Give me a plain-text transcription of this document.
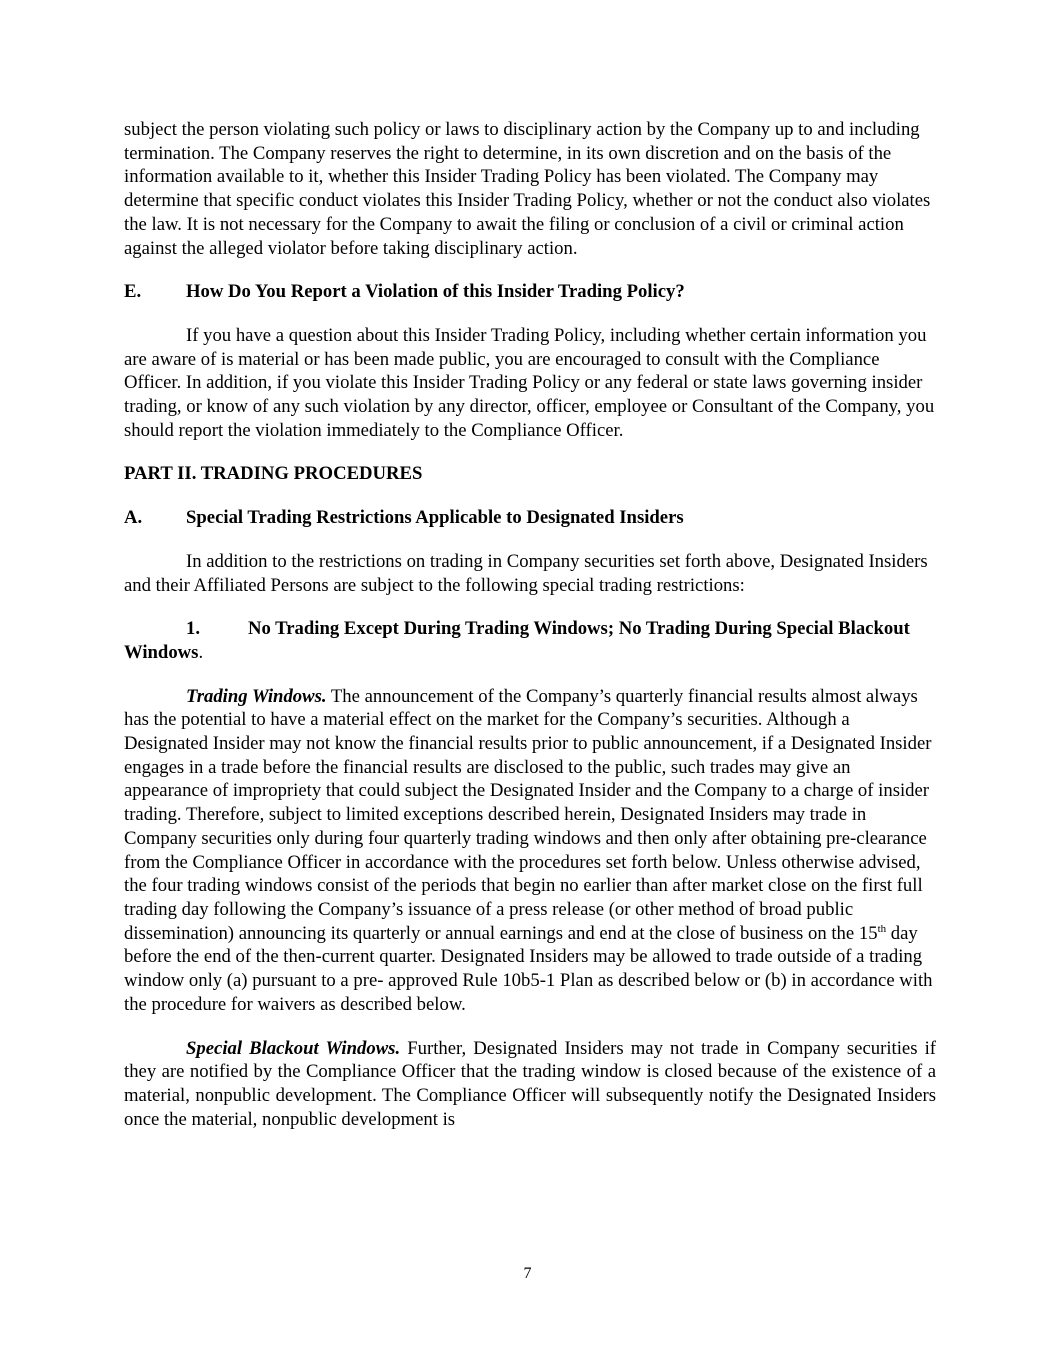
subject the person violating such policy or laws to disciplinary action by the Company up to and including termination. The Company reserves the right to determine, in its own discretion and on the basis of the information available to it, whether this Insider Trading Policy has been violated. The Company may determine that specific conduct violates this Insider Trading Policy, whether or not the conduct also violates the law. It is not necessary for the Company to await the filing or conclusion of a civil or criminal action against the alleged violator before taking disciplinary action.

E. How Do You Report a Violation of this Insider Trading Policy?

If you have a question about this Insider Trading Policy, including whether certain information you are aware of is material or has been made public, you are encouraged to consult with the Compliance Officer. In addition, if you violate this Insider Trading Policy or any federal or state laws governing insider trading, or know of any such violation by any director, officer, employee or Consultant of the Company, you should report the violation immediately to the Compliance Officer.

PART II. TRADING PROCEDURES

A. Special Trading Restrictions Applicable to Designated Insiders

In addition to the restrictions on trading in Company securities set forth above, Designated Insiders and their Affiliated Persons are subject to the following special trading restrictions:

1.	No Trading Except During Trading Windows; No Trading During Special Blackout Windows.

Trading Windows. The announcement of the Company’s quarterly financial results almost always has the potential to have a material effect on the market for the Company’s securities. Although a Designated Insider may not know the financial results prior to public announcement, if a Designated Insider engages in a trade before the financial results are disclosed to the public, such trades may give an appearance of impropriety that could subject the Designated Insider and the Company to a charge of insider trading. Therefore, subject to limited exceptions described herein, Designated Insiders may trade in Company securities only during four quarterly trading windows and then only after obtaining pre-clearance from the Compliance Officer in accordance with the procedures set forth below. Unless otherwise advised, the four trading windows consist of the periods that begin no earlier than after market close on the first full trading day following the Company’s issuance of a press release (or other method of broad public dissemination) announcing its quarterly or annual earnings and end at the close of business on the 15th day before the end of the then-current quarter. Designated Insiders may be allowed to trade outside of a trading window only (a) pursuant to a pre- approved Rule 10b5-1 Plan as described below or (b) in accordance with the procedure for waivers as described below.

Special Blackout Windows. Further, Designated Insiders may not trade in Company securities if they are notified by the Compliance Officer that the trading window is closed because of the existence of a material, nonpublic development. The Compliance Officer will subsequently notify the Designated Insiders once the material, nonpublic development is

7
